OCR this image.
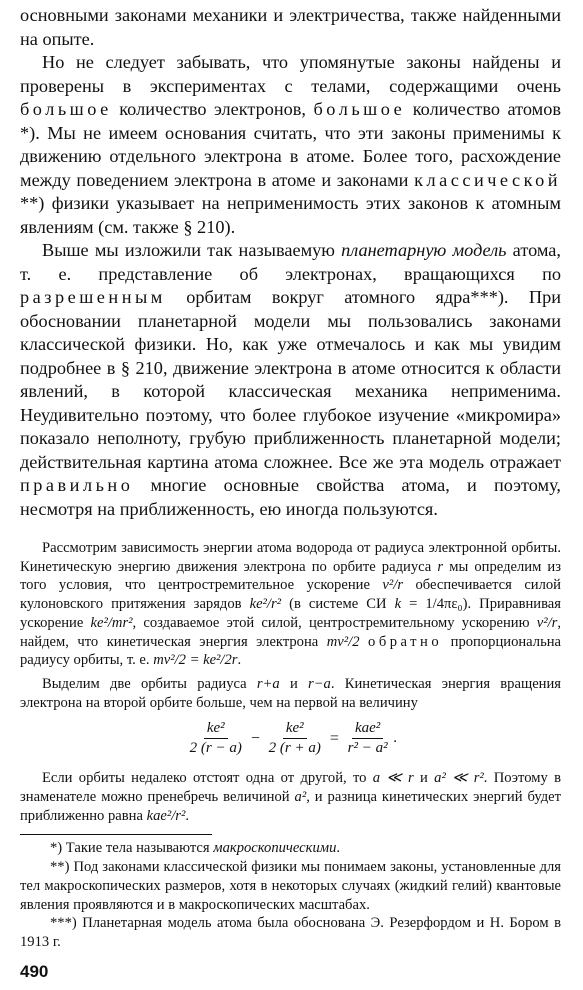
основными законами механики и электричества, также найденными на опыте.

Но не следует забывать, что упомянутые законы найдены и проверены в экспериментах с телами, содержащими очень большое количество электронов, большое количество атомов *). Мы не имеем основания считать, что эти законы применимы к движению отдельного электрона в атоме. Более того, расхождение между поведением электрона в атоме и законами классической **) физики указывает на неприменимость этих законов к атомным явлениям (см. также § 210).

Выше мы изложили так называемую планетарную модель атома, т. е. представление об электронах, вращающихся по разрешенным орбитам вокруг атомного ядра***). При обосновании планетарной модели мы пользовались законами классической физики. Но, как уже отмечалось и как мы увидим подробнее в § 210, движение электрона в атоме относится к области явлений, в которой классическая механика неприменима. Неудивительно поэтому, что более глубокое изучение «микромира» показало неполноту, грубую приближенность планетарной модели; действительная картина атома сложнее. Все же эта модель отражает правильно многие основные свойства атома, и поэтому, несмотря на приближенность, ею иногда пользуются.

Рассмотрим зависимость энергии атома водорода от радиуса электронной орбиты. Кинетическую энергию движения электрона по орбите радиуса r мы определим из того условия, что центростремительное ускорение v²/r обеспечивается силой кулоновского притяжения зарядов ke²/r² (в системе СИ k = 1/4πε₀). Приравнивая ускорение ke²/mr², создаваемое этой силой, центростремительному ускорению v²/r, найдем, что кинетическая энергия электрона mv²/2 обратно пропорциональна радиусу орбиты, т. е. mv²/2 = ke²/2r.

Выделим две орбиты радиуса r+a и r−a. Кинетическая энергия вращения электрона на второй орбите больше, чем на первой на величину

$\frac{\text{ke²}}{2 (r - a)} - \frac{\text{ke²}}{2 (r + a)} = \frac{\text{kae²}}{\text{r² − a²}}$ .

Если орбиты недалеко отстоят одна от другой, то a ≪ r и a² ≪ r². Поэтому в знаменателе можно пренебречь величиной a², и разница кинетических энергий будет приближенно равна kae²/r².

*) Такие тела называются макроскопическими.

**) Под законами классической физики мы понимаем законы, установленные для тел макроскопических размеров, хотя в некоторых случаях (жидкий гелий) квантовые явления проявляются и в макроскопических масштабах.

***) Планетарная модель атома была обоснована Э. Резерфордом и Н. Бором в 1913 г.

490
